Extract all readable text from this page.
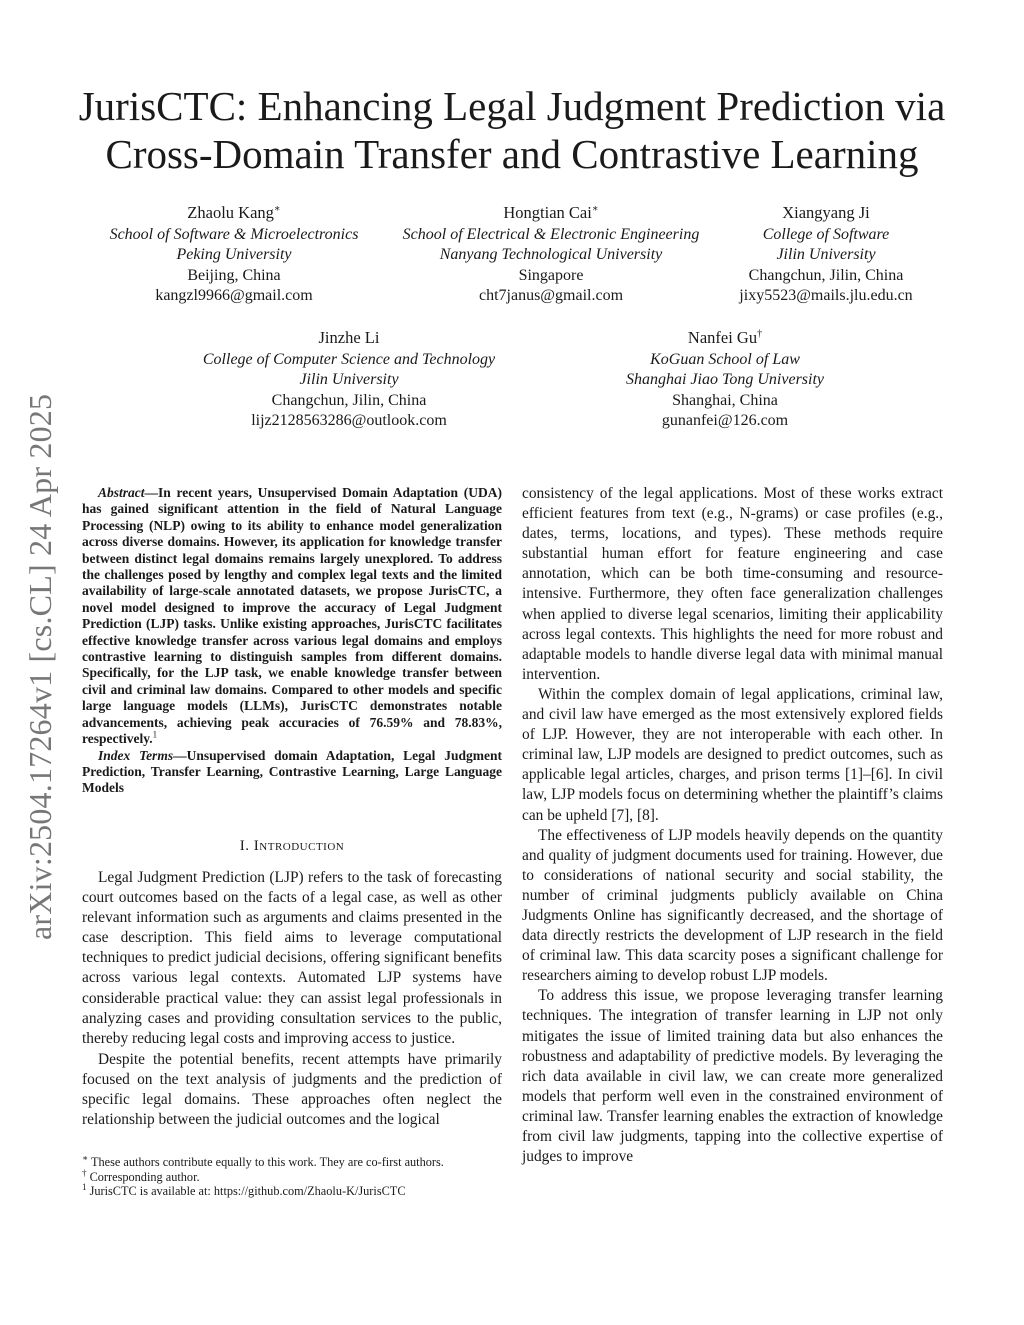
arXiv:2504.17264v1 [cs.CL] 24 Apr 2025
JurisCTC: Enhancing Legal Judgment Prediction via
Cross-Domain Transfer and Contrastive Learning
Zhaolu Kang∗
School of Software & Microelectronics
Peking University
Beijing, China
kangzl9966@gmail.com
Hongtian Cai∗
School of Electrical & Electronic Engineering
Nanyang Technological University
Singapore
cht7janus@gmail.com
Xiangyang Ji
College of Software
Jilin University
Changchun, Jilin, China
jixy5523@mails.jlu.edu.cn
Jinzhe Li
College of Computer Science and Technology
Jilin University
Changchun, Jilin, China
lijz2128563286@outlook.com
Nanfei Gu†
KoGuan School of Law
Shanghai Jiao Tong University
Shanghai, China
gunanfei@126.com

Abstract—In recent years, Unsupervised Domain Adaptation (UDA) has gained significant attention in the field of Natural Language Processing (NLP) owing to its ability to enhance model generalization across diverse domains. However, its application for knowledge transfer between distinct legal domains remains largely unexplored. To address the challenges posed by lengthy and complex legal texts and the limited availability of large-scale annotated datasets, we propose JurisCTC, a novel model designed to improve the accuracy of Legal Judgment Prediction (LJP) tasks. Unlike existing approaches, JurisCTC facilitates effective knowledge transfer across various legal domains and employs contrastive learning to distinguish samples from different domains. Specifically, for the LJP task, we enable knowledge transfer between civil and criminal law domains. Compared to other models and specific large language models (LLMs), JurisCTC demonstrates notable advancements, achieving peak accuracies of 76.59% and 78.83%, respectively.$^1$

Index Terms—Unsupervised domain Adaptation, Legal Judgment Prediction, Transfer Learning, Contrastive Learning, Large Language Models

I. Introduction

Legal Judgment Prediction (LJP) refers to the task of forecasting court outcomes based on the facts of a legal case, as well as other relevant information such as arguments and claims presented in the case description. This field aims to leverage computational techniques to predict judicial decisions, offering significant benefits across various legal contexts. Automated LJP systems have considerable practical value: they can assist legal professionals in analyzing cases and providing consultation services to the public, thereby reducing legal costs and improving access to justice.

Despite the potential benefits, recent attempts have primarily focused on the text analysis of judgments and the prediction of specific legal domains. These approaches often neglect the relationship between the judicial outcomes and the logical

∗ These authors contribute equally to this work. They are co-first authors.
† Corresponding author.
$^1$ JurisCTC is available at: https://github.com/Zhaolu-K/JurisCTC

consistency of the legal applications. Most of these works extract efficient features from text (e.g., N-grams) or case profiles (e.g., dates, terms, locations, and types). These methods require substantial human effort for feature engineering and case annotation, which can be both time-consuming and resource-intensive. Furthermore, they often face generalization challenges when applied to diverse legal scenarios, limiting their applicability across legal contexts. This highlights the need for more robust and adaptable models to handle diverse legal data with minimal manual intervention.

Within the complex domain of legal applications, criminal law, and civil law have emerged as the most extensively explored fields of LJP. However, they are not interoperable with each other. In criminal law, LJP models are designed to predict outcomes, such as applicable legal articles, charges, and prison terms [1]–[6]. In civil law, LJP models focus on determining whether the plaintiff’s claims can be upheld [7], [8].

The effectiveness of LJP models heavily depends on the quantity and quality of judgment documents used for training. However, due to considerations of national security and social stability, the number of criminal judgments publicly available on China Judgments Online has significantly decreased, and the shortage of data directly restricts the development of LJP research in the field of criminal law. This data scarcity poses a significant challenge for researchers aiming to develop robust LJP models.

To address this issue, we propose leveraging transfer learning techniques. The integration of transfer learning in LJP not only mitigates the issue of limited training data but also enhances the robustness and adaptability of predictive models. By leveraging the rich data available in civil law, we can create more generalized models that perform well even in the constrained environment of criminal law. Transfer learning enables the extraction of knowledge from civil law judgments, tapping into the collective expertise of judges to improve
